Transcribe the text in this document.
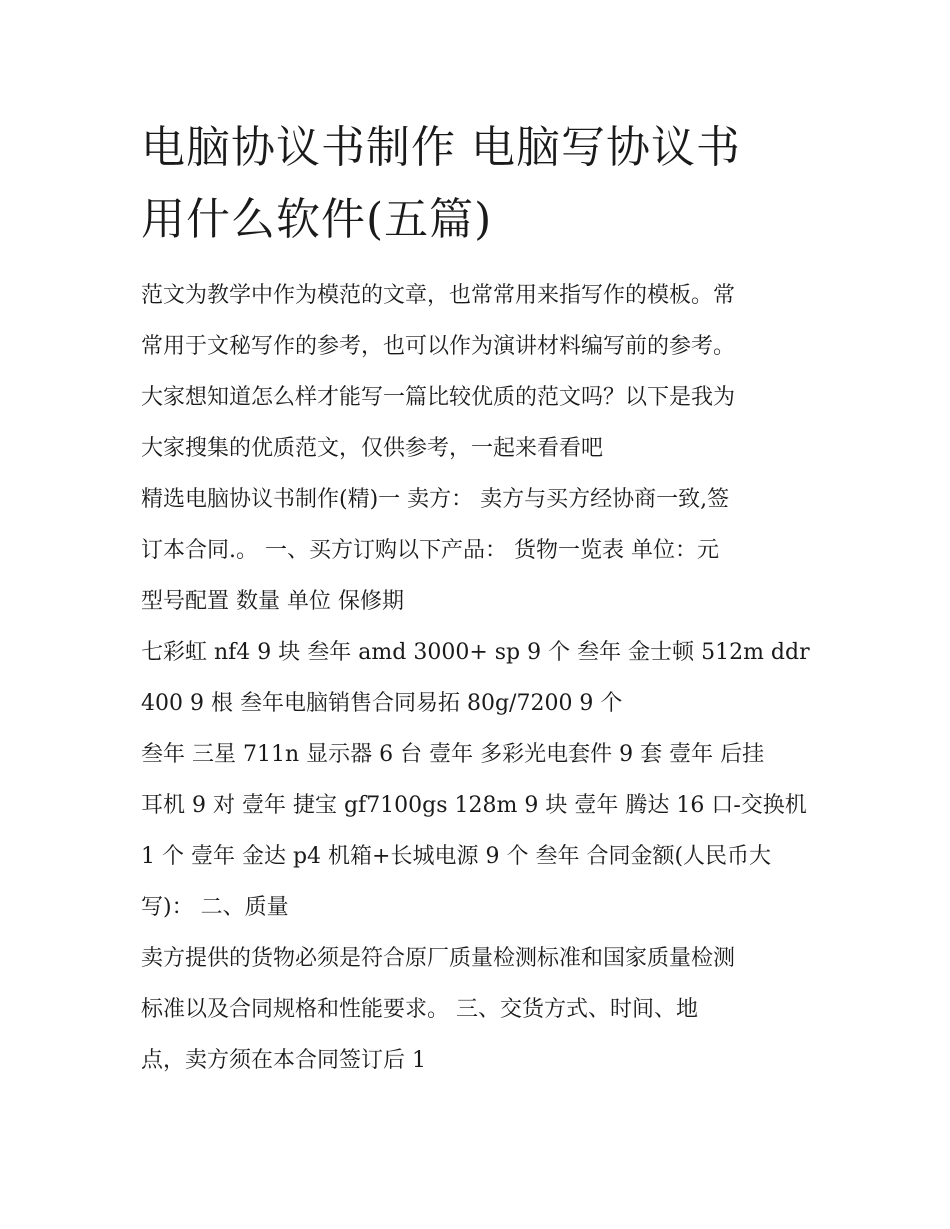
电脑协议书制作 电脑写协议书
用什么软件(五篇)
范文为教学中作为模范的文章，也常常用来指写作的模板。常
常用于文秘写作的参考，也可以作为演讲材料编写前的参考。
大家想知道怎么样才能写一篇比较优质的范文吗？以下是我为
大家搜集的优质范文，仅供参考，一起来看看吧
精选电脑协议书制作(精)一 卖方： 卖方与买方经协商一致,签
订本合同.。 一、买方订购以下产品： 货物一览表 单位：元
型号配置 数量 单位 保修期
七彩虹 nf4 9 块 叁年 amd 3000+ sp 9 个 叁年 金士顿 512m ddr
400 9 根 叁年电脑销售合同易拓 80g/7200 9 个
叁年 三星 711n 显示器 6 台 壹年 多彩光电套件 9 套 壹年 后挂
耳机 9 对 壹年 捷宝 gf7100gs 128m 9 块 壹年 腾达 16 口-交换机
1 个 壹年 金达 p4 机箱+长城电源 9 个 叁年 合同金额(人民币大
写)： 二、质量
卖方提供的货物必须是符合原厂质量检测标准和国家质量检测
标准以及合同规格和性能要求。 三、交货方式、时间、地
点，卖方须在本合同签订后 1
